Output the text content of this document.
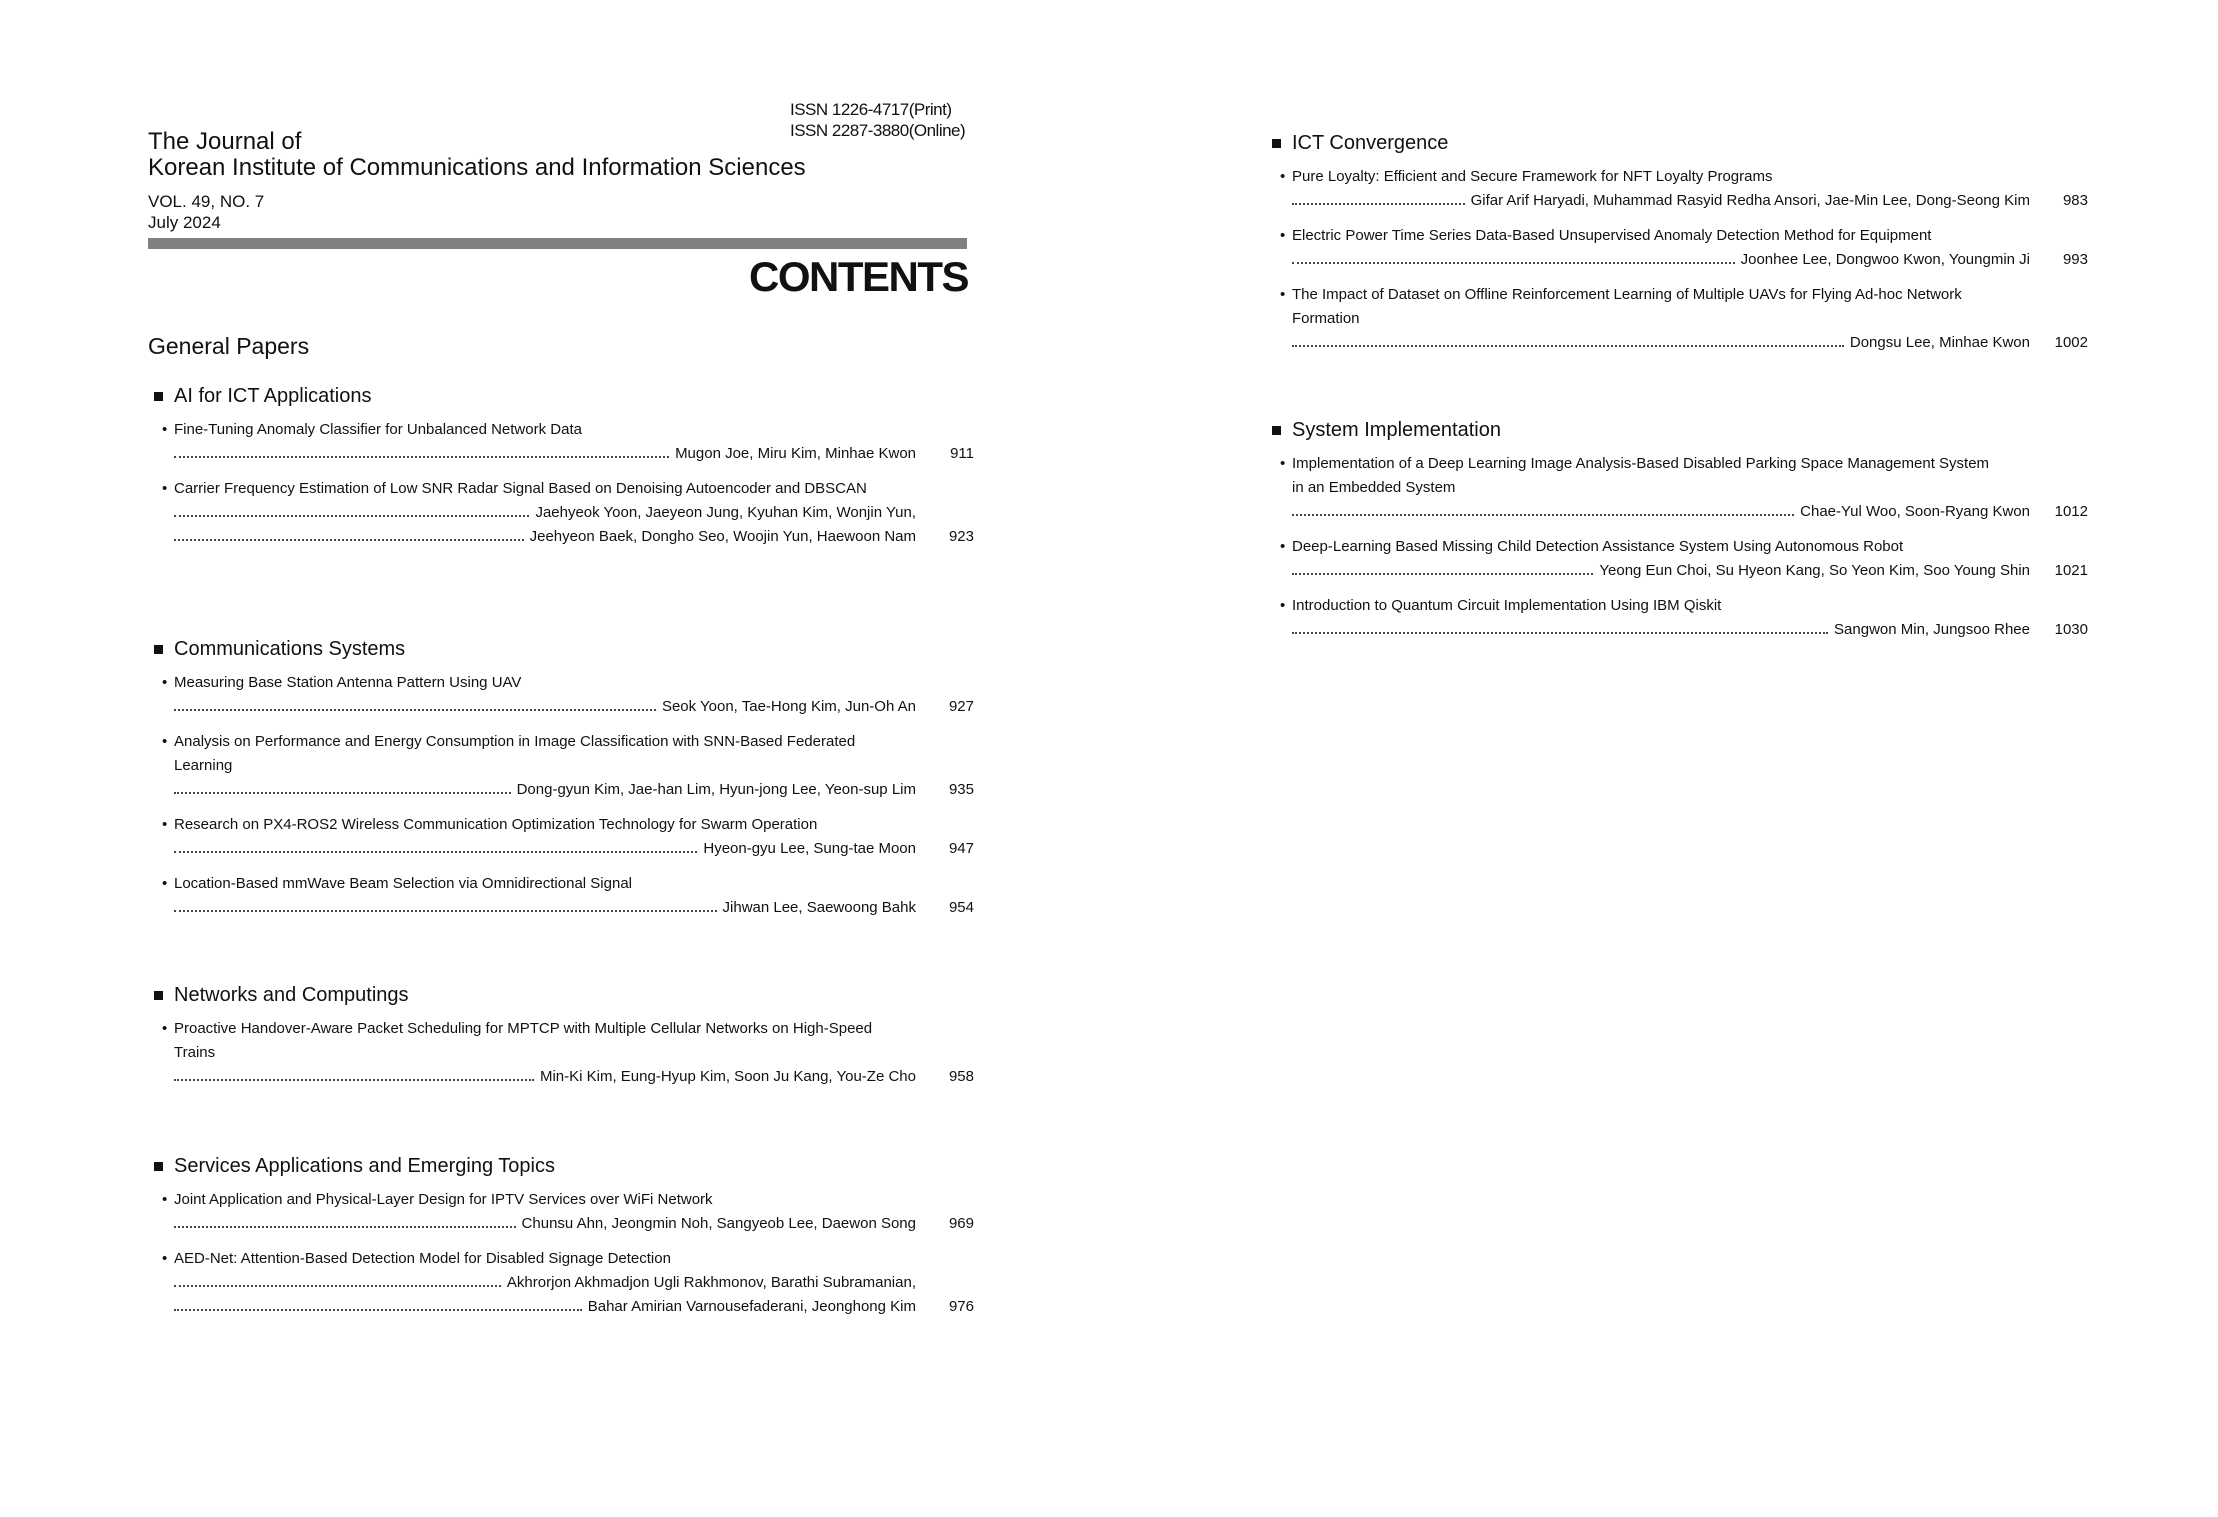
ISSN 1226-4717(Print)
ISSN 2287-3880(Online)
The Journal of
Korean Institute of Communications and Information Sciences
VOL. 49, NO. 7
July 2024
CONTENTS
General Papers
AI for ICT Applications
• Fine-Tuning Anomaly Classifier for Unbalanced Network Data
Mugon Joe, Miru Kim, Minhae Kwon	911
• Carrier Frequency Estimation of Low SNR Radar Signal Based on Denoising Autoencoder and DBSCAN
Jaehyeok Yoon, Jaeyeon Jung, Kyuhan Kim, Wonjin Yun,
Jeehyeon Baek, Dongho Seo, Woojin Yun, Haewoon Nam	923
Communications Systems
• Measuring Base Station Antenna Pattern Using UAV
Seok Yoon, Tae-Hong Kim, Jun-Oh An	927
• Analysis on Performance and Energy Consumption in Image Classification with SNN-Based Federated Learning
Dong-gyun Kim, Jae-han Lim, Hyun-jong Lee, Yeon-sup Lim	935
• Research on PX4-ROS2 Wireless Communication Optimization Technology for Swarm Operation
Hyeon-gyu Lee, Sung-tae Moon	947
• Location-Based mmWave Beam Selection via Omnidirectional Signal
Jihwan Lee, Saewoong Bahk	954
Networks and Computings
• Proactive Handover-Aware Packet Scheduling for MPTCP with Multiple Cellular Networks on High-Speed Trains
Min-Ki Kim, Eung-Hyup Kim, Soon Ju Kang, You-Ze Cho	958
Services Applications and Emerging Topics
• Joint Application and Physical-Layer Design for IPTV Services over WiFi Network
Chunsu Ahn, Jeongmin Noh, Sangyeob Lee, Daewon Song	969
• AED-Net: Attention-Based Detection Model for Disabled Signage Detection
Akhrorjon Akhmadjon Ugli Rakhmonov, Barathi Subramanian,
Bahar Amirian Varnousefaderani, Jeonghong Kim	976
ICT Convergence
• Pure Loyalty: Efficient and Secure Framework for NFT Loyalty Programs
Gifar Arif Haryadi, Muhammad Rasyid Redha Ansori, Jae-Min Lee, Dong-Seong Kim	983
• Electric Power Time Series Data-Based Unsupervised Anomaly Detection Method for Equipment
Joonhee Lee, Dongwoo Kwon, Youngmin Ji	993
• The Impact of Dataset on Offline Reinforcement Learning of Multiple UAVs for Flying Ad-hoc Network Formation
Dongsu Lee, Minhae Kwon	1002
System Implementation
• Implementation of a Deep Learning Image Analysis-Based Disabled Parking Space Management System in an Embedded System
Chae-Yul Woo, Soon-Ryang Kwon	1012
• Deep-Learning Based Missing Child Detection Assistance System Using Autonomous Robot
Yeong Eun Choi, Su Hyeon Kang, So Yeon Kim, Soo Young Shin	1021
• Introduction to Quantum Circuit Implementation Using IBM Qiskit
Sangwon Min, Jungsoo Rhee	1030
